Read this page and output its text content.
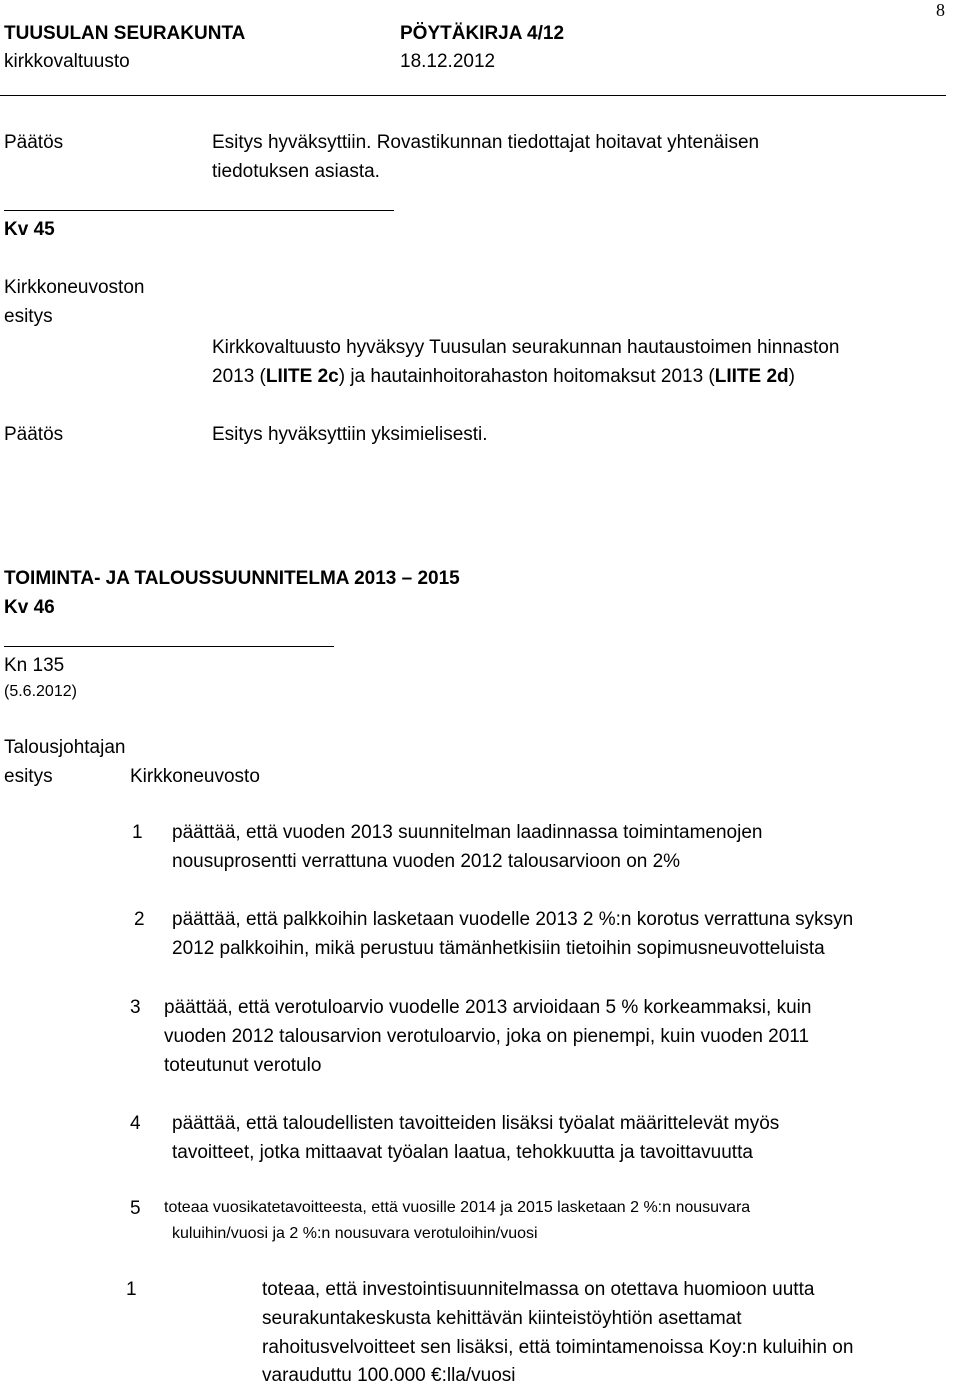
TUUSULAN SEURAKUNTA	PÖYTÄKIRJA 4/12
kirkkovaltuusto	18.12.2012
8
Päätös	Esitys hyväksyttiin. Rovastikunnan tiedottajat hoitavat yhtenäisen
tiedotuksen asiasta.
Kv 45
Kirkkoneuvoston
esitys
Kirkkovaltuusto hyväksyy Tuusulan seurakunnan hautaustoimen hinnaston
2013 (LIITE 2c) ja hautainhoitorahaston hoitomaksut 2013 (LIITE 2d)
Päätös	Esitys hyväksyttiin yksimielisesti.
TOIMINTA- JA TALOUSSUUNNITELMA 2013 – 2015
Kv 46
Kn 135
(5.6.2012)
Talousjohtajan
esitys	Kirkkoneuvosto
1 päättää, että vuoden 2013 suunnitelman laadinnassa toimintamenojen
nousuprosentti verrattuna vuoden 2012 talousarvioon on 2%
2 päättää, että palkkoihin lasketaan vuodelle 2013 2 %:n korotus verrattuna syksyn
2012 palkkoihin, mikä perustuu tämänhetkisiin tietoihin sopimusneuvotteluista
3 päättää, että verotuloarvio vuodelle 2013 arvioidaan 5 % korkeammaksi, kuin
vuoden 2012 talousarvion verotuloarvio, joka on pienempi, kuin vuoden 2011
toteutunut verotulo
4 päättää, että taloudellisten tavoitteiden lisäksi työalat määrittelevät myös
tavoitteet, jotka mittaavat työalan laatua, tehokkuutta ja tavoittavuutta
5 toteaa vuosikatetavoitteesta, että vuosille 2014 ja 2015 lasketaan 2 %:n nousuvara
kuluihin/vuosi ja 2 %:n nousuvara verotuloihin/vuosi
1	toteaa, että investointisuunnitelmassa on otettava huomioon uutta
seurakuntakeskusta kehittävän kiinteistöyhtiön asettamat
rahoitusvelvoitteet sen lisäksi, että toimintamenoissa Koy:n kuluihin on
varauduttu 100.000 €:lla/vuosi
